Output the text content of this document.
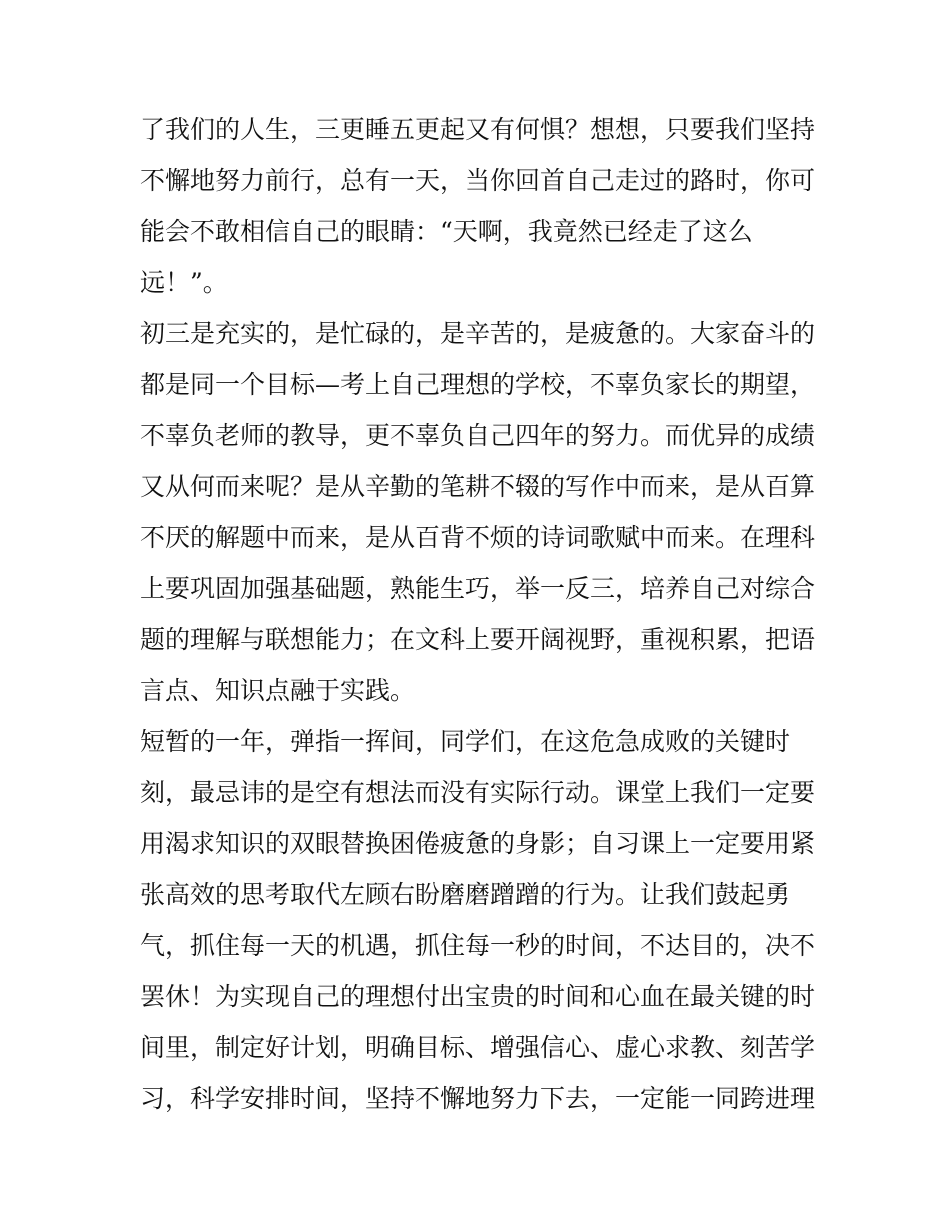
了我们的人生，三更睡五更起又有何惧？想想，只要我们坚持
不懈地努力前行，总有一天，当你回首自己走过的路时，你可
能会不敢相信自己的眼睛：“天啊，我竟然已经走了这么
远！”。
初三是充实的，是忙碌的，是辛苦的，是疲惫的。大家奋斗的
都是同一个目标—考上自己理想的学校，不辜负家长的期望，
不辜负老师的教导，更不辜负自己四年的努力。而优异的成绩
又从何而来呢？是从辛勤的笔耕不辍的写作中而来，是从百算
不厌的解题中而来，是从百背不烦的诗词歌赋中而来。在理科
上要巩固加强基础题，熟能生巧，举一反三，培养自己对综合
题的理解与联想能力；在文科上要开阔视野，重视积累，把语
言点、知识点融于实践。
短暂的一年，弹指一挥间，同学们，在这危急成败的关键时
刻，最忌讳的是空有想法而没有实际行动。课堂上我们一定要
用渴求知识的双眼替换困倦疲惫的身影；自习课上一定要用紧
张高效的思考取代左顾右盼磨磨蹭蹭的行为。让我们鼓起勇
气，抓住每一天的机遇，抓住每一秒的时间，不达目的，决不
罢休！为实现自己的理想付出宝贵的时间和心血在最关键的时
间里，制定好计划，明确目标、增强信心、虚心求教、刻苦学
习，科学安排时间，坚持不懈地努力下去，一定能一同跨进理
